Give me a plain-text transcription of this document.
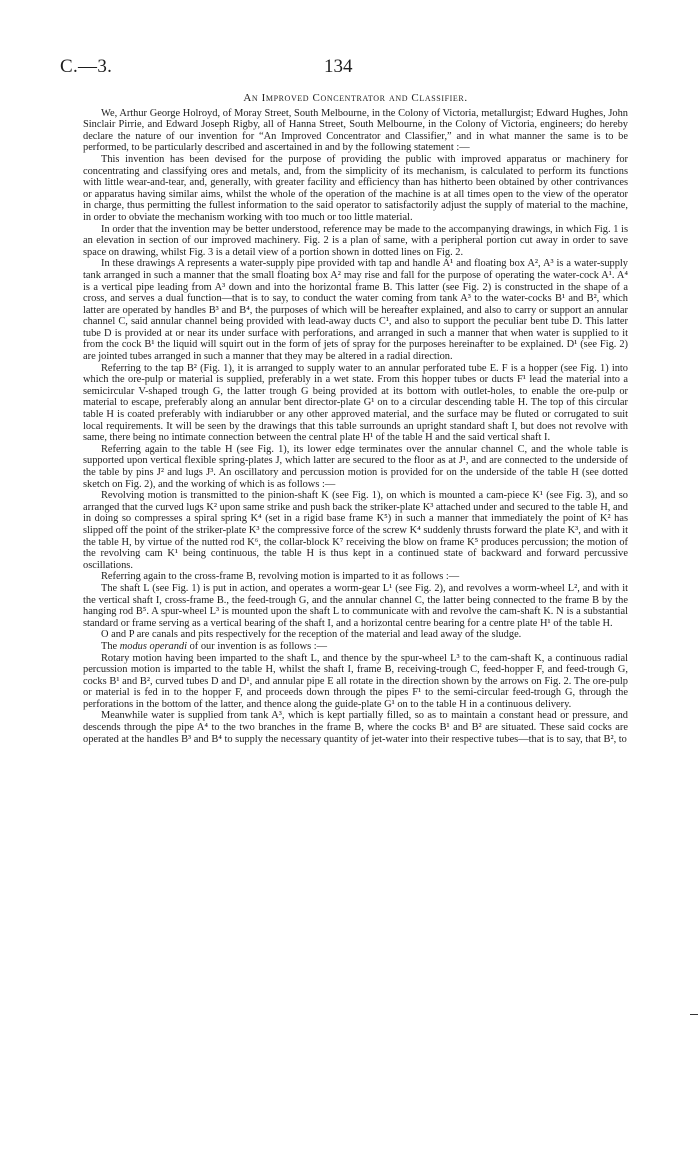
C.—3.	134
An Improved Concentrator and Classifier.

We, Arthur George Holroyd, of Moray Street, South Melbourne, in the Colony of Victoria, metallurgist; Edward Hughes, John Sinclair Pirrie, and Edward Joseph Rigby, all of Hanna Street, South Melbourne, in the Colony of Victoria, engineers; do hereby declare the nature of our invention for “An Improved Concentrator and Classifier,” and in what manner the same is to be performed, to be particularly described and ascertained in and by the following statement :—

This invention has been devised for the purpose of providing the public with improved apparatus or machinery for concentrating and classifying ores and metals, and, from the simplicity of its mechanism, is calculated to perform its functions with little wear-and-tear, and, generally, with greater facility and efficiency than has hitherto been obtained by other contrivances or apparatus having similar aims, whilst the whole of the operation of the machine is at all times open to the view of the operator in charge, thus permitting the fullest information to the said operator to satisfactorily adjust the supply of material to the machine, in order to obviate the mechanism working with too much or too little material.

In order that the invention may be better understood, reference may be made to the accompanying drawings, in which Fig. 1 is an elevation in section of our improved machinery. Fig. 2 is a plan of same, with a peripheral portion cut away in order to save space on drawing, whilst Fig. 3 is a detail view of a portion shown in dotted lines on Fig. 2.

In these drawings A represents a water-supply pipe provided with tap and handle A¹ and floating box A², A³ is a water-supply tank arranged in such a manner that the small floating box A² may rise and fall for the purpose of operating the water-cock A¹. A⁴ is a vertical pipe leading from A³ down and into the horizontal frame B. This latter (see Fig. 2) is constructed in the shape of a cross, and serves a dual function—that is to say, to conduct the water coming from tank A³ to the water-cocks B¹ and B², which latter are operated by handles B³ and B⁴, the purposes of which will be hereafter explained, and also to carry or support an annular channel C, said annular channel being provided with lead-away ducts C¹, and also to support the peculiar bent tube D. This latter tube D is provided at or near its under surface with perforations, and arranged in such a manner that when water is supplied to it from the cock B¹ the liquid will squirt out in the form of jets of spray for the purposes hereinafter to be explained. D¹ (see Fig. 2) are jointed tubes arranged in such a manner that they may be altered in a radial direction.

Referring to the tap B² (Fig. 1), it is arranged to supply water to an annular perforated tube E. F is a hopper (see Fig. 1) into which the ore-pulp or material is supplied, preferably in a wet state. From this hopper tubes or ducts F¹ lead the material into a semicircular V-shaped trough G, the latter trough G being provided at its bottom with outlet-holes, to enable the ore-pulp or material to escape, preferably along an annular bent director-plate G¹ on to a circular descending table H. The top of this circular table H is coated preferably with indiarubber or any other approved material, and the surface may be fluted or corrugated to suit local requirements. It will be seen by the drawings that this table surrounds an upright standard shaft I, but does not revolve with same, there being no intimate connection between the central plate H¹ of the table H and the said vertical shaft I.

Referring again to the table H (see Fig. 1), its lower edge terminates over the annular channel C, and the whole table is supported upon vertical flexible spring-plates J, which latter are secured to the floor as at J¹, and are connected to the underside of the table by pins J² and lugs J³. An oscillatory and percussion motion is provided for on the underside of the table H (see dotted sketch on Fig. 2), and the working of which is as follows :—

Revolving motion is transmitted to the pinion-shaft K (see Fig. 1), on which is mounted a cam-piece K¹ (see Fig. 3), and so arranged that the curved lugs K² upon same strike and push back the striker-plate K³ attached under and secured to the table H, and in doing so compresses a spiral spring K⁴ (set in a rigid base frame K⁵) in such a manner that immediately the point of K² has slipped off the point of the striker-plate K³ the compressive force of the screw K⁴ suddenly thrusts forward the plate K³, and with it the table H, by virtue of the nutted rod K⁶, the collar-block K⁷ receiving the blow on frame K⁵ produces percussion; the motion of the revolving cam K¹ being continuous, the table H is thus kept in a continued state of backward and forward percussive oscillations.

Referring again to the cross-frame B, revolving motion is imparted to it as follows :—

The shaft L (see Fig. 1) is put in action, and operates a worm-gear L¹ (see Fig. 2), and revolves a worm-wheel L², and with it the vertical shaft I, cross-frame B., the feed-trough G, and the annular channel C, the latter being connected to the frame B by the hanging rod B⁵. A spur-wheel L³ is mounted upon the shaft L to communicate with and revolve the cam-shaft K. N is a substantial standard or frame serving as a vertical bearing of the shaft I, and a horizontal centre bearing for a centre plate H¹ of the table H.

O and P are canals and pits respectively for the reception of the material and lead away of the sludge.

The modus operandi of our invention is as follows :—

Rotary motion having been imparted to the shaft L, and thence by the spur-wheel L³ to the cam-shaft K, a continuous radial percussion motion is imparted to the table H, whilst the shaft I, frame B, receiving-trough C, feed-hopper F, and feed-trough G, cocks B¹ and B², curved tubes D and D¹, and annular pipe E all rotate in the direction shown by the arrows on Fig. 2. The ore-pulp or material is fed in to the hopper F, and proceeds down through the pipes F¹ to the semi-circular feed-trough G, through the perforations in the bottom of the latter, and thence along the guide-plate G¹ on to the table H in a continuous delivery.

Meanwhile water is supplied from tank A³, which is kept partially filled, so as to maintain a constant head or pressure, and descends through the pipe A⁴ to the two branches in the frame B, where the cocks B¹ and B² are situated. These said cocks are operated at the handles B³ and B⁴ to supply the necessary quantity of jet-water into their respective tubes—that is to say, that B², to
